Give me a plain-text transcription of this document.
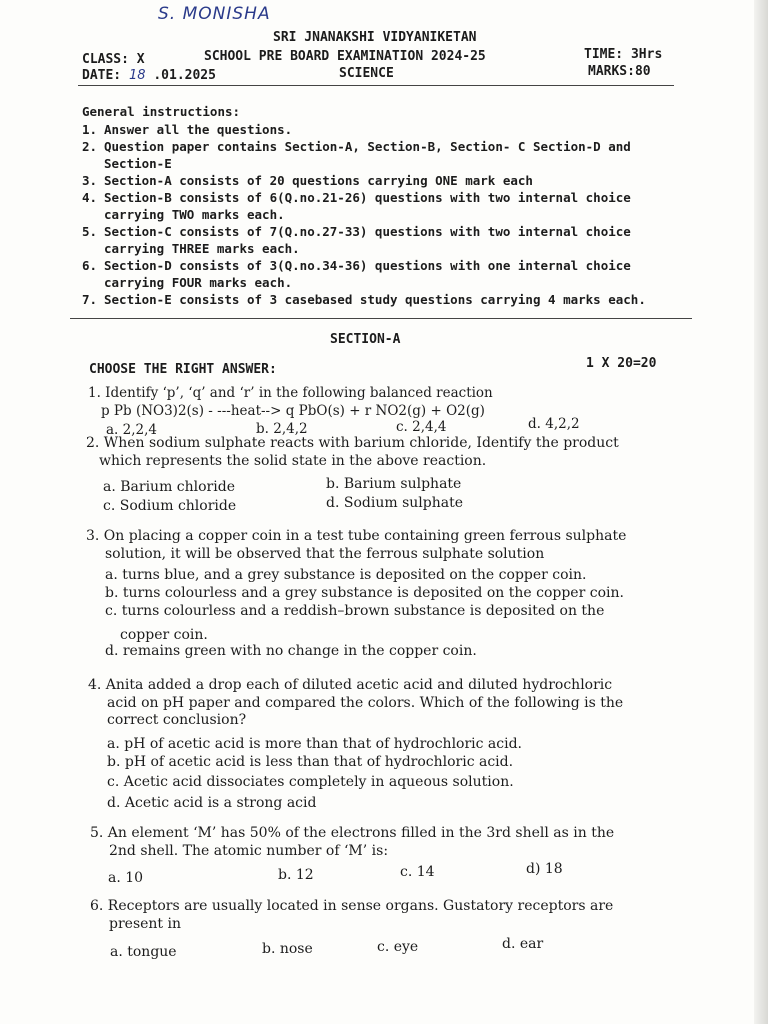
S. MONISHA
SRI JNANAKSHI VIDYANIKETAN
CLASS: X	SCHOOL PRE BOARD EXAMINATION 2024-25	TIME: 3Hrs
DATE: 18 .01.2025	SCIENCE	MARKS:80
General instructions:
1. Answer all the questions.
2. Question paper contains Section-A, Section-B, Section- C Section-D and
Section-E
3. Section-A consists of 20 questions carrying ONE mark each
4. Section-B consists of 6(Q.no.21-26) questions with two internal choice
carrying TWO marks each.
5. Section-C consists of 7(Q.no.27-33) questions with two internal choice
carrying THREE marks each.
6. Section-D consists of 3(Q.no.34-36) questions with one internal choice
carrying FOUR marks each.
7. Section-E consists of 3 casebased study questions carrying 4 marks each.
SECTION-A
CHOOSE THE RIGHT ANSWER:	1 X 20=20
1. Identify ‘p’, ‘q’ and ‘r’ in the following balanced reaction
p Pb (NO3)2(s) - ---heat--> q PbO(s) + r NO2(g) + O2(g)
a. 2,2,4	b. 2,4,2	c. 2,4,4	d. 4,2,2
2. When sodium sulphate reacts with barium chloride, Identify the product
which represents the solid state in the above reaction.
a. Barium chloride	b. Barium sulphate
c. Sodium chloride	d. Sodium sulphate
3. On placing a copper coin in a test tube containing green ferrous sulphate
solution, it will be observed that the ferrous sulphate solution
a. turns blue, and a grey substance is deposited on the copper coin.
b. turns colourless and a grey substance is deposited on the copper coin.
c. turns colourless and a reddish–brown substance is deposited on the
copper coin.
d. remains green with no change in the copper coin.
4. Anita added a drop each of diluted acetic acid and diluted hydrochloric
acid on pH paper and compared the colors. Which of the following is the
correct conclusion?
a. pH of acetic acid is more than that of hydrochloric acid.
b. pH of acetic acid is less than that of hydrochloric acid.
c. Acetic acid dissociates completely in aqueous solution.
d. Acetic acid is a strong acid
5. An element ‘M’ has 50% of the electrons filled in the 3rd shell as in the
2nd shell. The atomic number of ‘M’ is:
a. 10	b. 12	c. 14	d) 18
6. Receptors are usually located in sense organs. Gustatory receptors are
present in
a. tongue	b. nose	c. eye	d. ear
